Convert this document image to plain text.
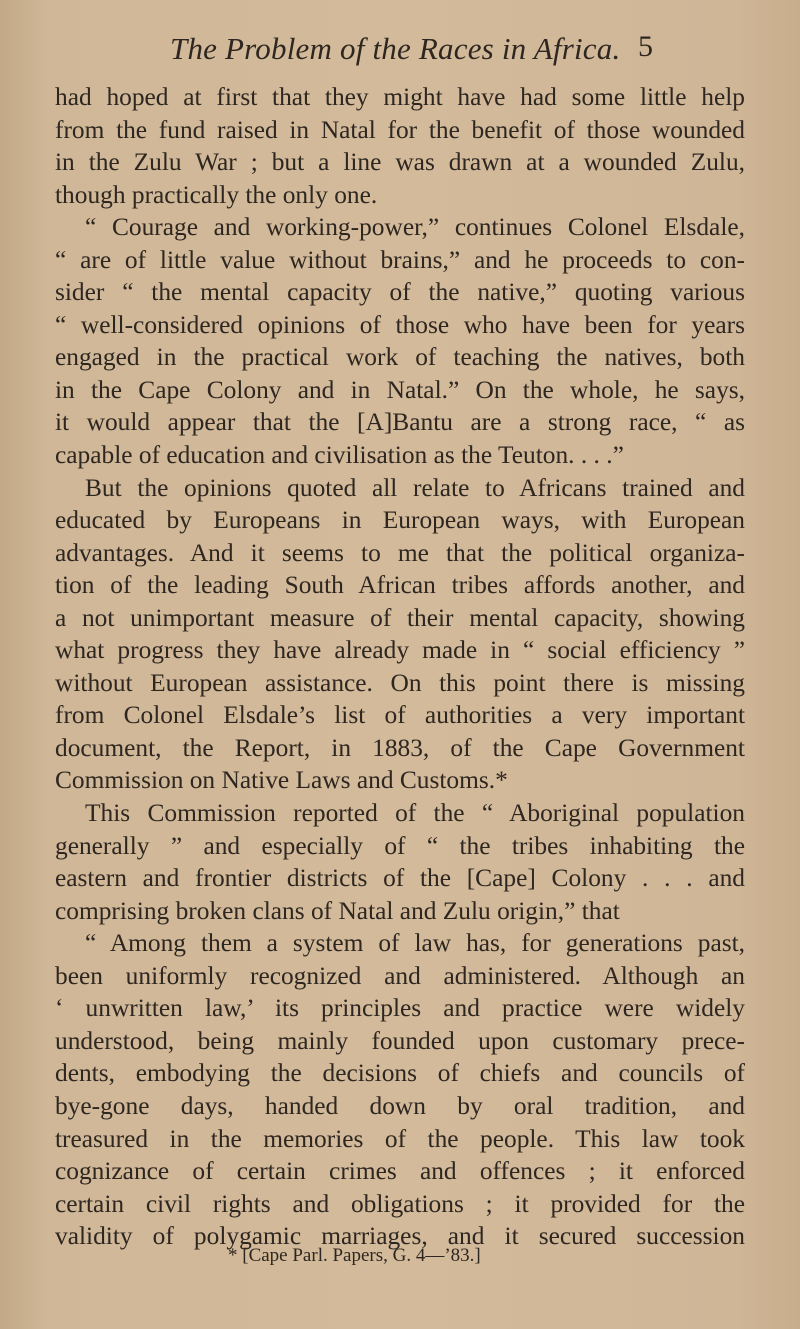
The Problem of the Races in Africa. 5
had hoped at first that they might have had some little help
from the fund raised in Natal for the benefit of those wounded
in the Zulu War ; but a line was drawn at a wounded Zulu,
though practically the only one.
“ Courage and working-power,” continues Colonel Elsdale,
“ are of little value without brains,” and he proceeds to con-
sider “ the mental capacity of the native,” quoting various
“ well-considered opinions of those who have been for years
engaged in the practical work of teaching the natives, both
in the Cape Colony and in Natal.” On the whole, he says,
it would appear that the [A]Bantu are a strong race, “ as
capable of education and civilisation as the Teuton. . . .”
But the opinions quoted all relate to Africans trained and
educated by Europeans in European ways, with European
advantages. And it seems to me that the political organiza-
tion of the leading South African tribes affords another, and
a not unimportant measure of their mental capacity, showing
what progress they have already made in “ social efficiency ”
without European assistance. On this point there is missing
from Colonel Elsdale’s list of authorities a very important
document, the Report, in 1883, of the Cape Government
Commission on Native Laws and Customs.*
This Commission reported of the “ Aboriginal population
generally ” and especially of “ the tribes inhabiting the
eastern and frontier districts of the [Cape] Colony . . . and
comprising broken clans of Natal and Zulu origin,” that
“ Among them a system of law has, for generations past,
been uniformly recognized and administered. Although an
‘ unwritten law,’ its principles and practice were widely
understood, being mainly founded upon customary prece-
dents, embodying the decisions of chiefs and councils of
bye-gone days, handed down by oral tradition, and
treasured in the memories of the people. This law took
cognizance of certain crimes and offences ; it enforced
certain civil rights and obligations ; it provided for the
validity of polygamic marriages, and it secured succession
* [Cape Parl. Papers, G. 4—’83.]
